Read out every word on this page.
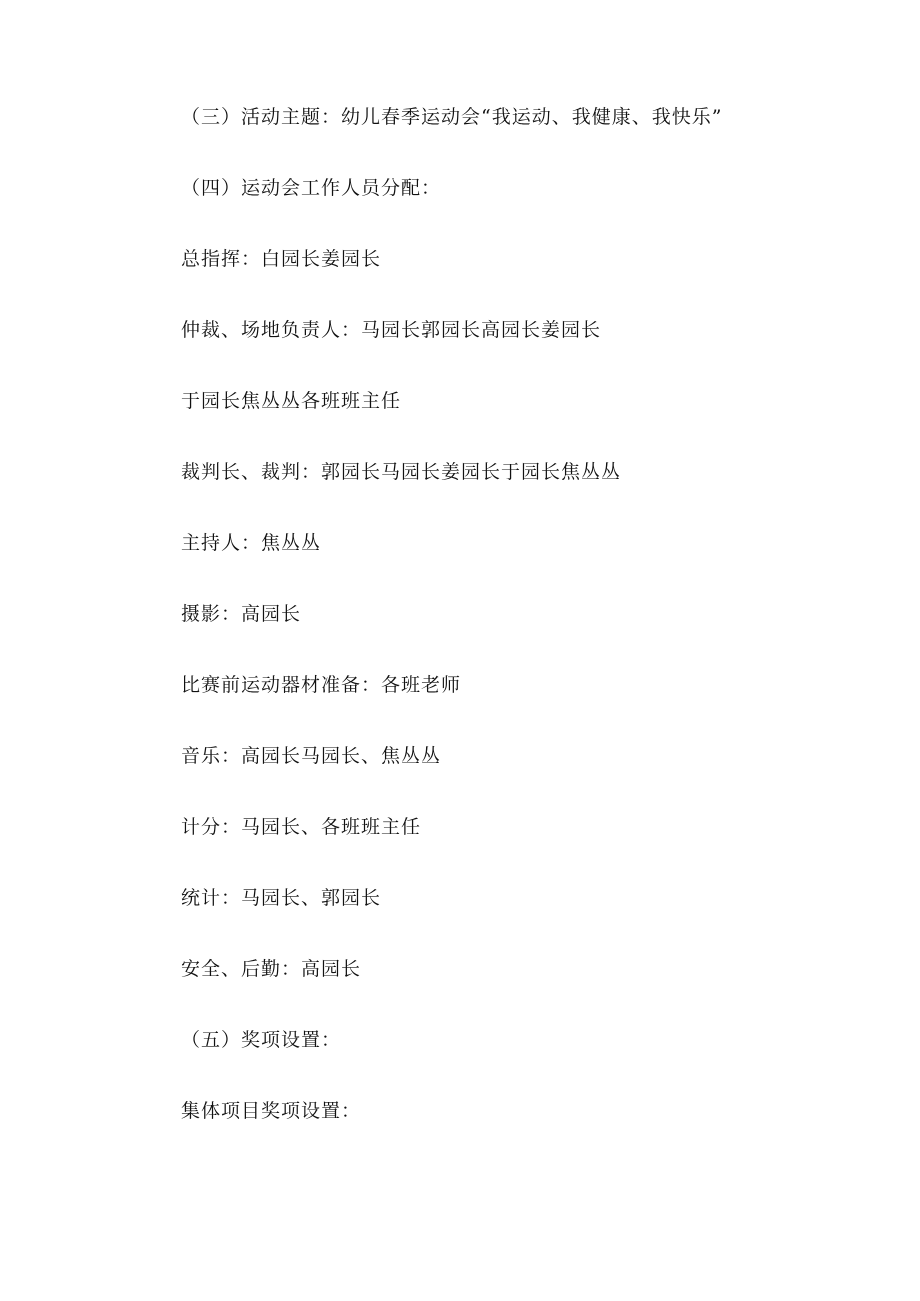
（三）活动主题：幼儿春季运动会“我运动、我健康、我快乐”
（四）运动会工作人员分配：
总指挥：白园长姜园长
仲裁、场地负责人：马园长郭园长高园长姜园长
于园长焦丛丛各班班主任
裁判长、裁判：郭园长马园长姜园长于园长焦丛丛
主持人：焦丛丛
摄影：高园长
比赛前运动器材准备：各班老师
音乐：高园长马园长、焦丛丛
计分：马园长、各班班主任
统计：马园长、郭园长
安全、后勤：高园长
（五）奖项设置：
集体项目奖项设置：
